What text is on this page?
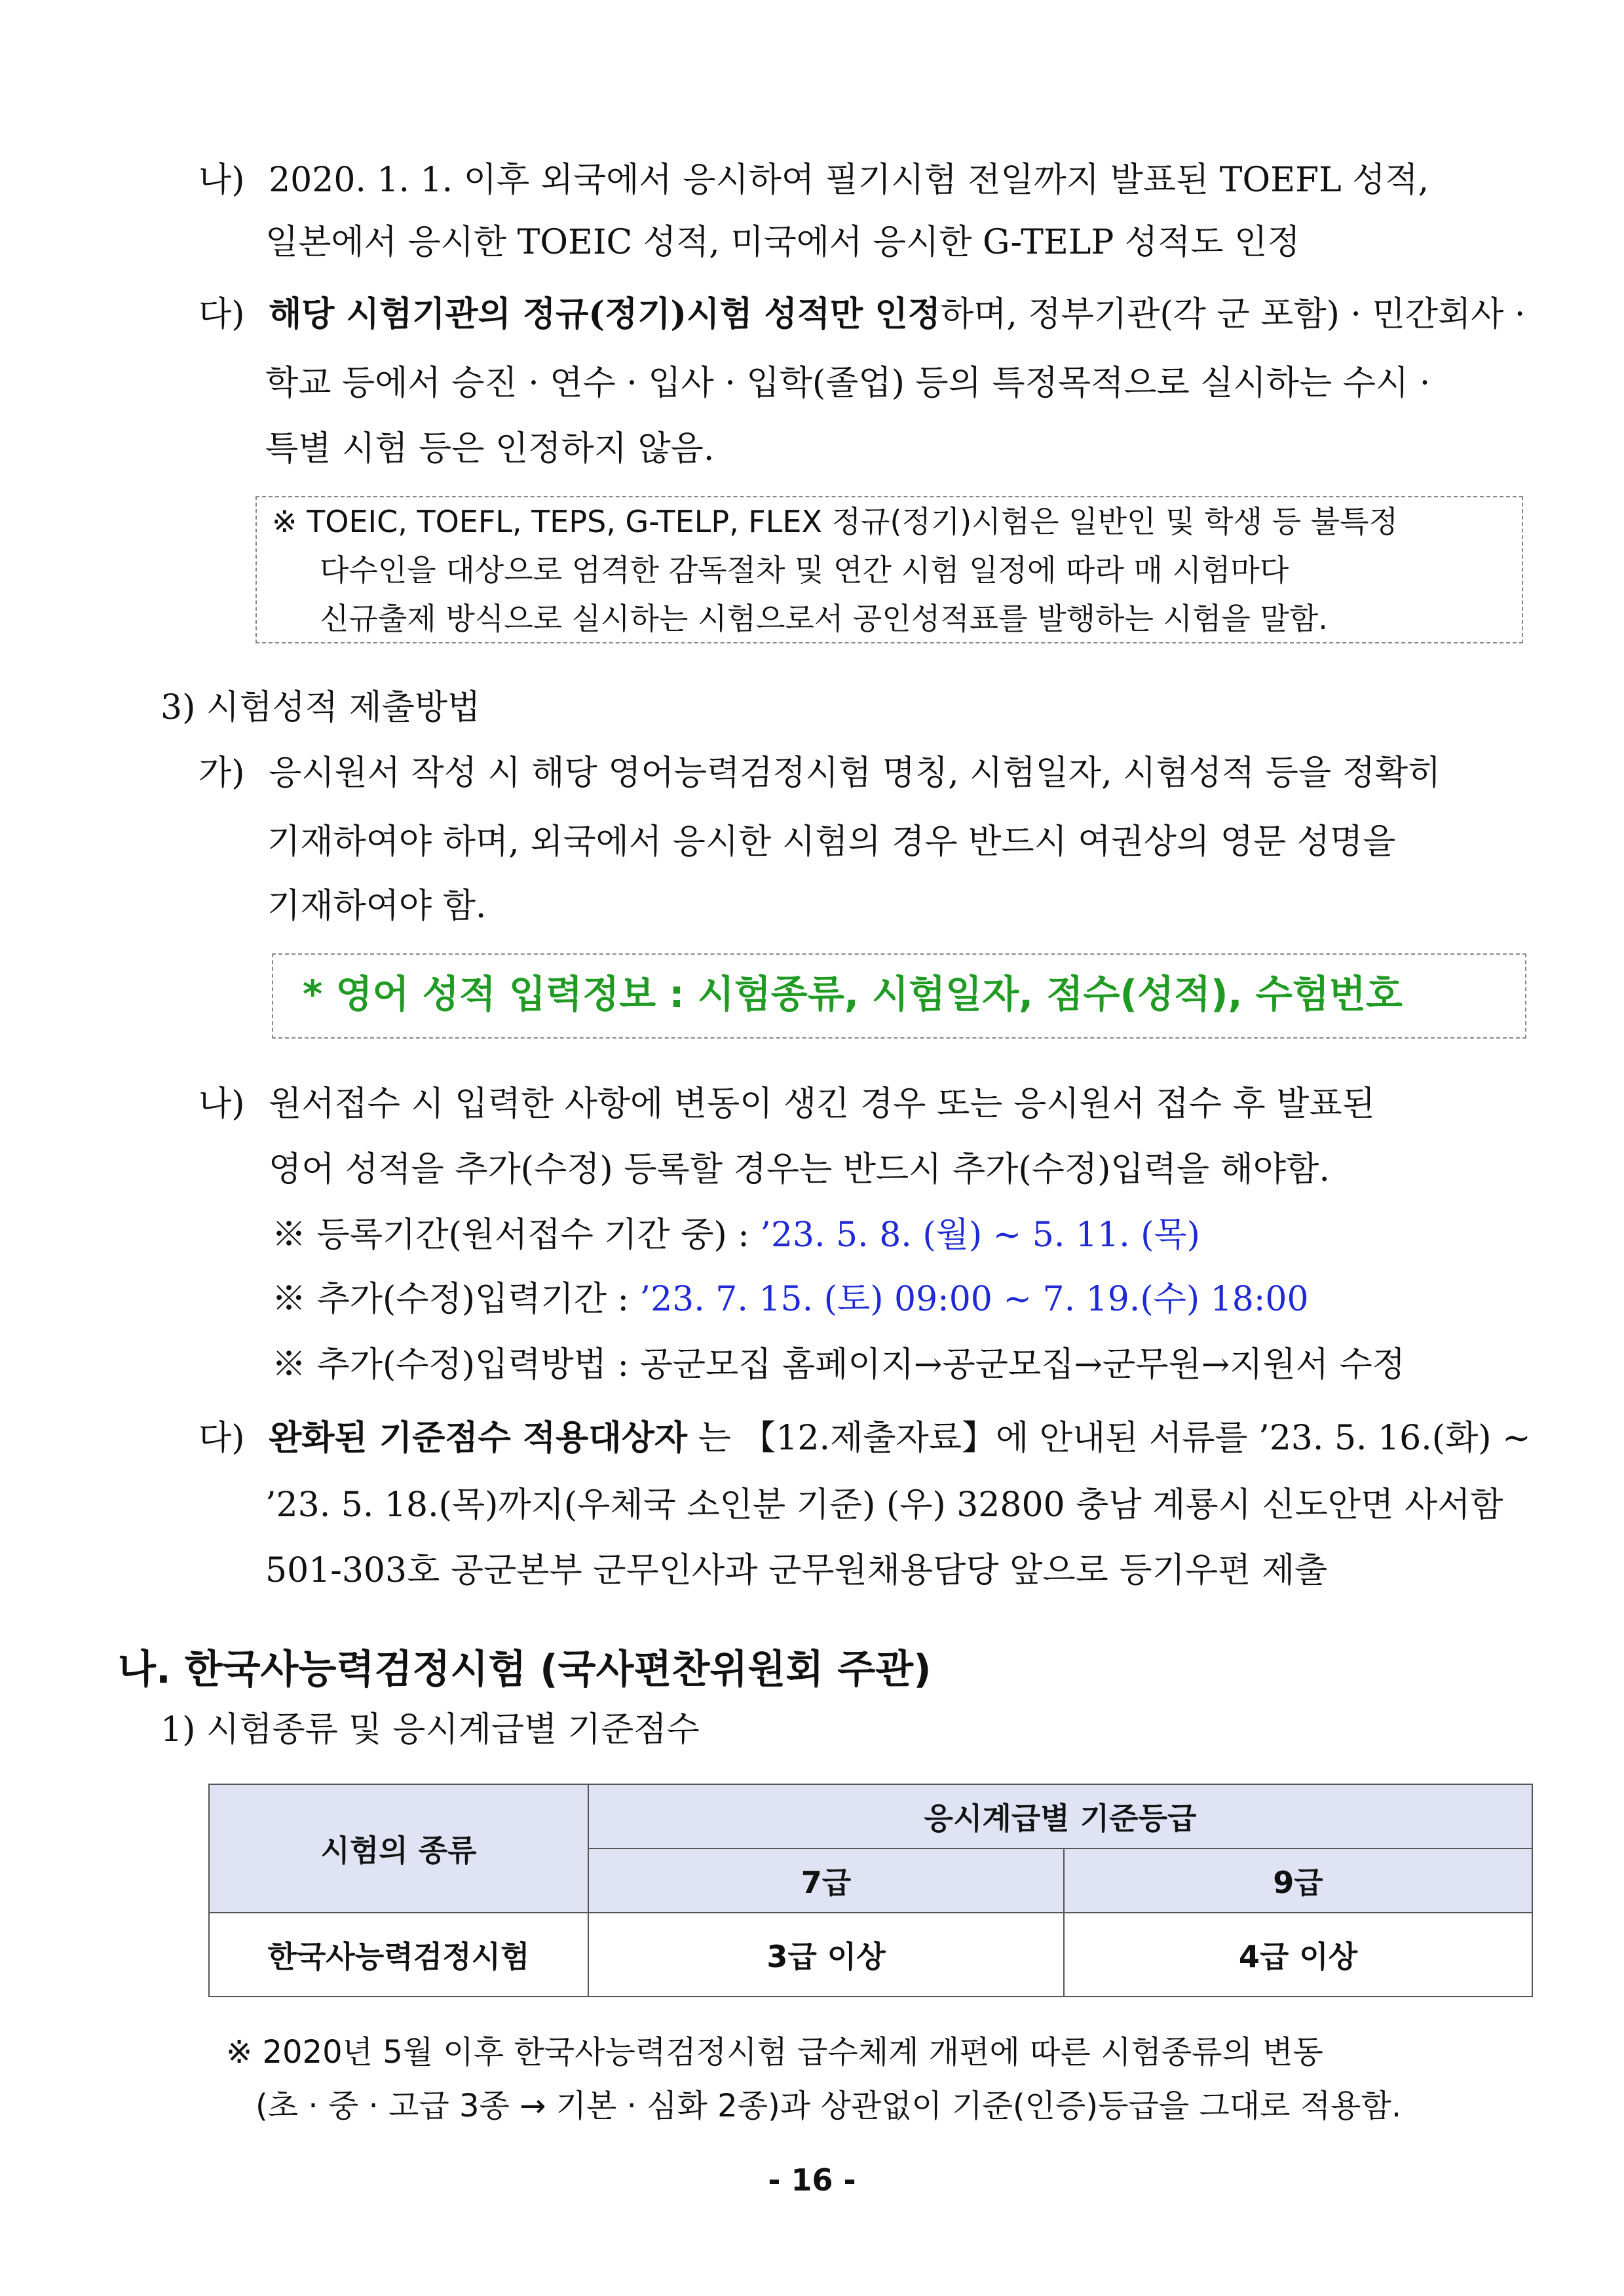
나) 2020. 1. 1. 이후 외국에서 응시하여 필기시험 전일까지 발표된 TOEFL 성적,
일본에서 응시한 TOEIC 성적, 미국에서 응시한 G-TELP 성적도 인정
다) 해당 시험기관의 정규(정기)시험 성적만 인정하며, 정부기관(각 군 포함) · 민간회사 ·
학교 등에서 승진 · 연수 · 입사 · 입학(졸업) 등의 특정목적으로 실시하는 수시 ·
특별 시험 등은 인정하지 않음.
※ TOEIC, TOEFL, TEPS, G-TELP, FLEX 정규(정기)시험은 일반인 및 학생 등 불특정
다수인을 대상으로 엄격한 감독절차 및 연간 시험 일정에 따라 매 시험마다
신규출제 방식으로 실시하는 시험으로서 공인성적표를 발행하는 시험을 말함.
3) 시험성적 제출방법
가) 응시원서 작성 시 해당 영어능력검정시험 명칭, 시험일자, 시험성적 등을 정확히
기재하여야 하며, 외국에서 응시한 시험의 경우 반드시 여권상의 영문 성명을
기재하여야 함.
* 영어 성적 입력정보 : 시험종류, 시험일자, 점수(성적), 수험번호
나) 원서접수 시 입력한 사항에 변동이 생긴 경우 또는 응시원서 접수 후 발표된
영어 성적을 추가(수정) 등록할 경우는 반드시 추가(수정)입력을 해야함.
※ 등록기간(원서접수 기간 중) : ’23. 5. 8. (월) ~ 5. 11. (목)
※ 추가(수정)입력기간 : ’23. 7. 15. (토) 09:00 ~ 7. 19.(수) 18:00
※ 추가(수정)입력방법 : 공군모집 홈페이지→공군모집→군무원→지원서 수정
다) 완화된 기준점수 적용대상자 는 【12.제출자료】에 안내된 서류를 ’23. 5. 16.(화) ~
’23. 5. 18.(목)까지(우체국 소인분 기준) (우) 32800 충남 계룡시 신도안면 사서함
501-303호 공군본부 군무인사과 군무원채용담당 앞으로 등기우편 제출
나. 한국사능력검정시험 (국사편찬위원회 주관)
1) 시험종류 및 응시계급별 기준점수
시험의 종류	응시계급별 기준등급	
	7급	9급
한국사능력검정시험	3급 이상	4급 이상
※ 2020년 5월 이후 한국사능력검정시험 급수체계 개편에 따른 시험종류의 변동
(초 · 중 · 고급 3종 → 기본 · 심화 2종)과 상관없이 기준(인증)등급을 그대로 적용함.
- 16 -
